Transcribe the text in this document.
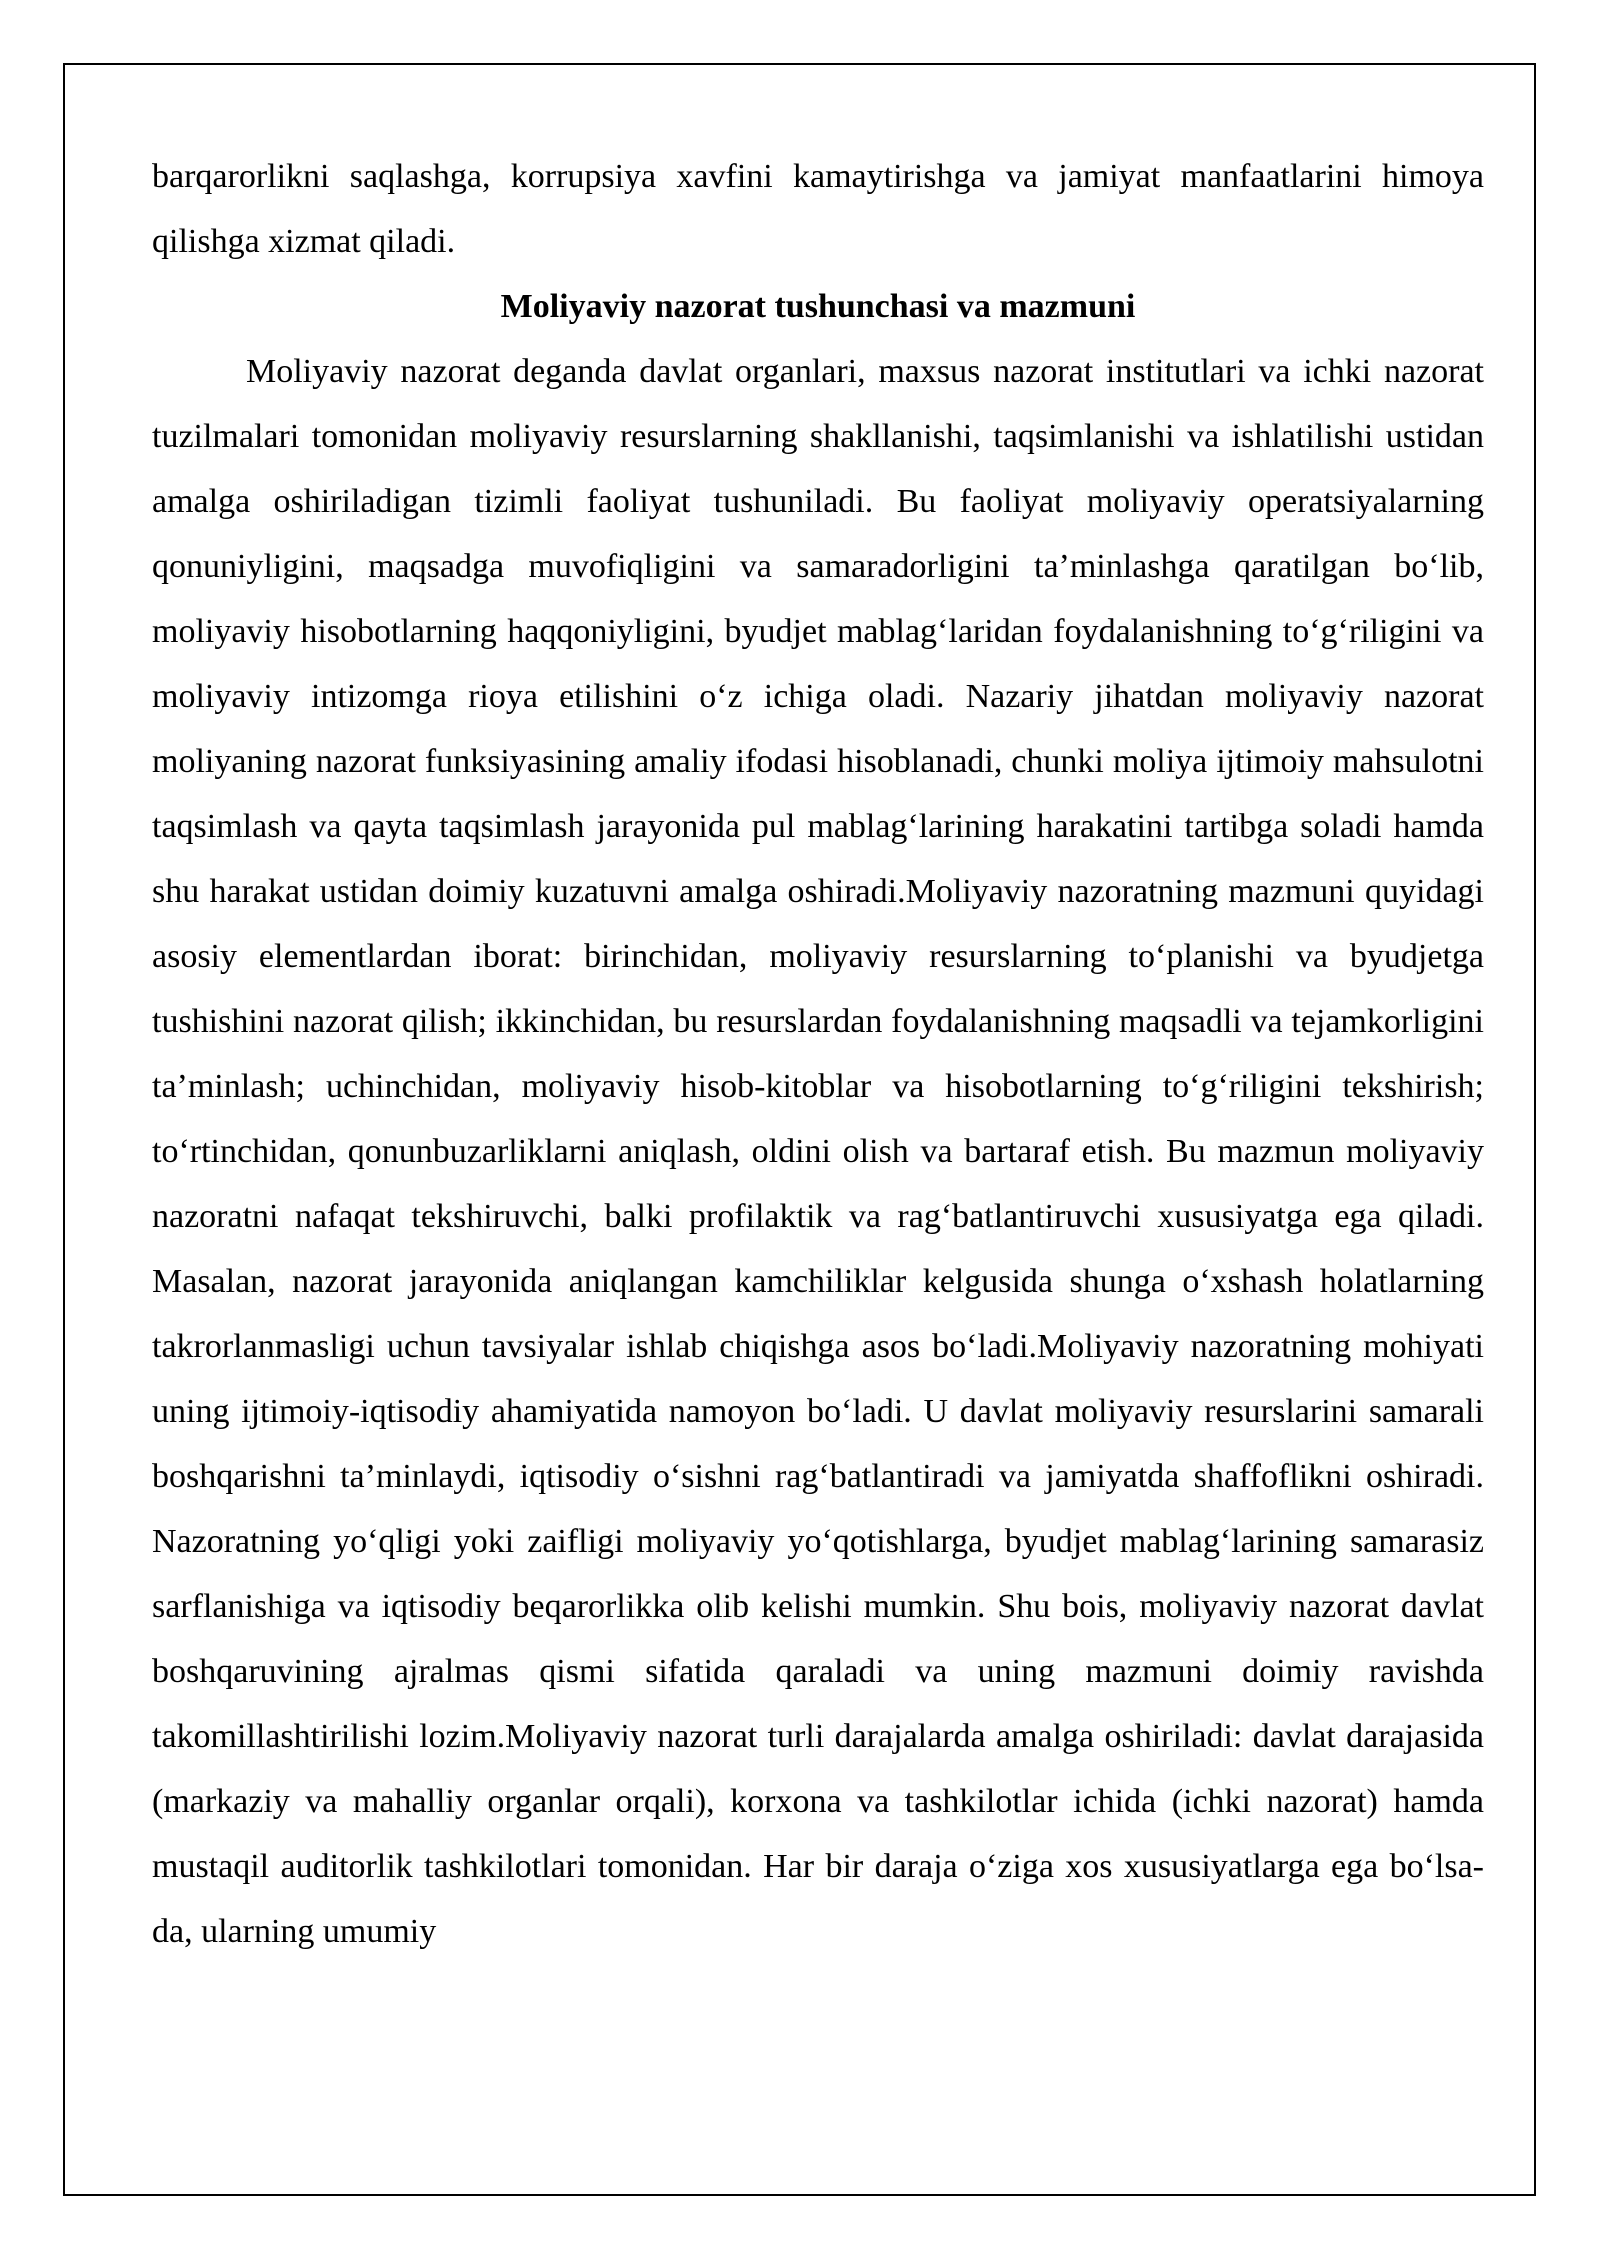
barqarorlikni saqlashga, korrupsiya xavfini kamaytirishga va jamiyat manfaatlarini himoya qilishga xizmat qiladi.

Moliyaviy nazorat tushunchasi va mazmuni

Moliyaviy nazorat deganda davlat organlari, maxsus nazorat institutlari va ichki nazorat tuzilmalari tomonidan moliyaviy resurslarning shakllanishi, taqsimlanishi va ishlatilishi ustidan amalga oshiriladigan tizimli faoliyat tushuniladi. Bu faoliyat moliyaviy operatsiyalarning qonuniyligini, maqsadga muvofiqligini va samaradorligini ta’minlashga qaratilgan bo‘lib, moliyaviy hisobotlarning haqqoniyligini, byudjet mablag‘laridan foydalanishning to‘g‘riligini va moliyaviy intizomga rioya etilishini o‘z ichiga oladi. Nazariy jihatdan moliyaviy nazorat moliyaning nazorat funksiyasining amaliy ifodasi hisoblanadi, chunki moliya ijtimoiy mahsulotni taqsimlash va qayta taqsimlash jarayonida pul mablag‘larining harakatini tartibga soladi hamda shu harakat ustidan doimiy kuzatuvni amalga oshiradi.Moliyaviy nazoratning mazmuni quyidagi asosiy elementlardan iborat: birinchidan, moliyaviy resurslarning to‘planishi va byudjetga tushishini nazorat qilish; ikkinchidan, bu resurslardan foydalanishning maqsadli va tejamkorligini ta’minlash; uchinchidan, moliyaviy hisob-kitoblar va hisobotlarning to‘g‘riligini tekshirish; to‘rtinchidan, qonunbuzarliklarni aniqlash, oldini olish va bartaraf etish. Bu mazmun moliyaviy nazoratni nafaqat tekshiruvchi, balki profilaktik va rag‘batlantiruvchi xususiyatga ega qiladi. Masalan, nazorat jarayonida aniqlangan kamchiliklar kelgusida shunga o‘xshash holatlarning takrorlanmasligi uchun tavsiyalar ishlab chiqishga asos bo‘ladi.Moliyaviy nazoratning mohiyati uning ijtimoiy-iqtisodiy ahamiyatida namoyon bo‘ladi. U davlat moliyaviy resurslarini samarali boshqarishni ta’minlaydi, iqtisodiy o‘sishni rag‘batlantiradi va jamiyatda shaffoflikni oshiradi. Nazoratning yo‘qligi yoki zaifligi moliyaviy yo‘qotishlarga, byudjet mablag‘larining samarasiz sarflanishiga va iqtisodiy beqarorlikka olib kelishi mumkin. Shu bois, moliyaviy nazorat davlat boshqaruvining ajralmas qismi sifatida qaraladi va uning mazmuni doimiy ravishda takomillashtirilishi lozim.Moliyaviy nazorat turli darajalarda amalga oshiriladi: davlat darajasida (markaziy va mahalliy organlar orqali), korxona va tashkilotlar ichida (ichki nazorat) hamda mustaqil auditorlik tashkilotlari tomonidan. Har bir daraja o‘ziga xos xususiyatlarga ega bo‘lsa-da, ularning umumiy
